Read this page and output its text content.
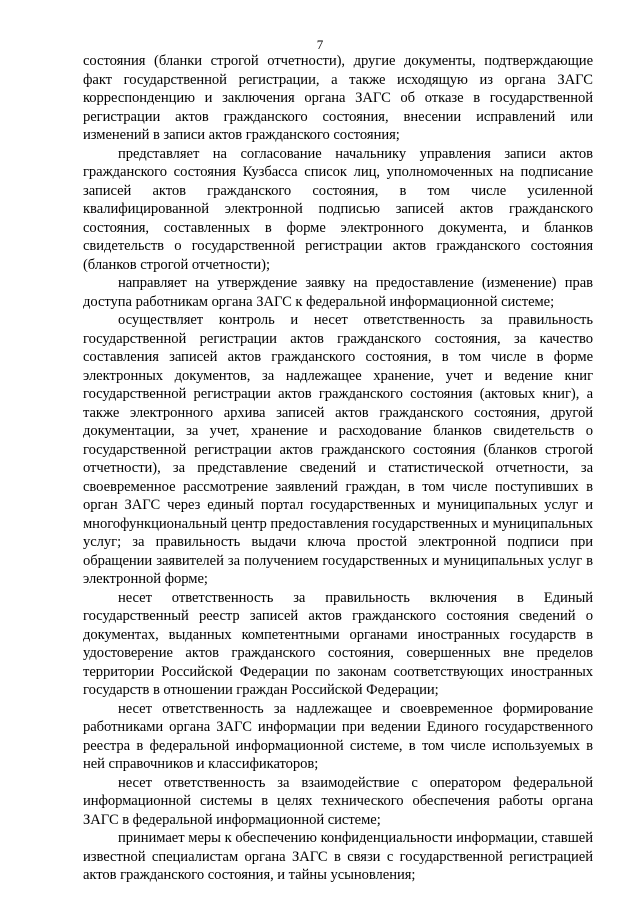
7

состояния (бланки строгой отчетности), другие документы, подтверждающие факт государственной регистрации, а также исходящую из органа ЗАГС корреспонденцию и заключения органа ЗАГС об отказе в государственной регистрации актов гражданского состояния, внесении исправлений или изменений в записи актов гражданского состояния;

представляет на согласование начальнику управления записи актов гражданского состояния Кузбасса список лиц, уполномоченных на подписание записей актов гражданского состояния, в том числе усиленной квалифицированной электронной подписью записей актов гражданского состояния, составленных в форме электронного документа, и бланков свидетельств о государственной регистрации актов гражданского состояния (бланков строгой отчетности);

направляет на утверждение заявку на предоставление (изменение) прав доступа работникам органа ЗАГС к федеральной информационной системе;

осуществляет контроль и несет ответственность за правильность государственной регистрации актов гражданского состояния, за качество составления записей актов гражданского состояния, в том числе в форме электронных документов, за надлежащее хранение, учет и ведение книг государственной регистрации актов гражданского состояния (актовых книг), а также электронного архива записей актов гражданского состояния, другой документации, за учет, хранение и расходование бланков свидетельств о государственной регистрации актов гражданского состояния (бланков строгой отчетности), за представление сведений и статистической отчетности, за своевременное рассмотрение заявлений граждан, в том числе поступивших в орган ЗАГС через единый портал государственных и муниципальных услуг и многофункциональный центр предоставления государственных и муниципальных услуг; за правильность выдачи ключа простой электронной подписи при обращении заявителей за получением государственных и муниципальных услуг в электронной форме;

несет ответственность за правильность включения в Единый государственный реестр записей актов гражданского состояния сведений о документах, выданных компетентными органами иностранных государств в удостоверение актов гражданского состояния, совершенных вне пределов территории Российской Федерации по законам соответствующих иностранных государств в отношении граждан Российской Федерации;

несет ответственность за надлежащее и своевременное формирование работниками органа ЗАГС информации при ведении Единого государственного реестра в федеральной информационной системе, в том числе используемых в ней справочников и классификаторов;

несет ответственность за взаимодействие с оператором федеральной информационной системы в целях технического обеспечения работы органа ЗАГС в федеральной информационной системе;

принимает меры к обеспечению конфиденциальности информации, ставшей известной специалистам органа ЗАГС в связи с государственной регистрацией актов гражданского состояния, и тайны усыновления;
